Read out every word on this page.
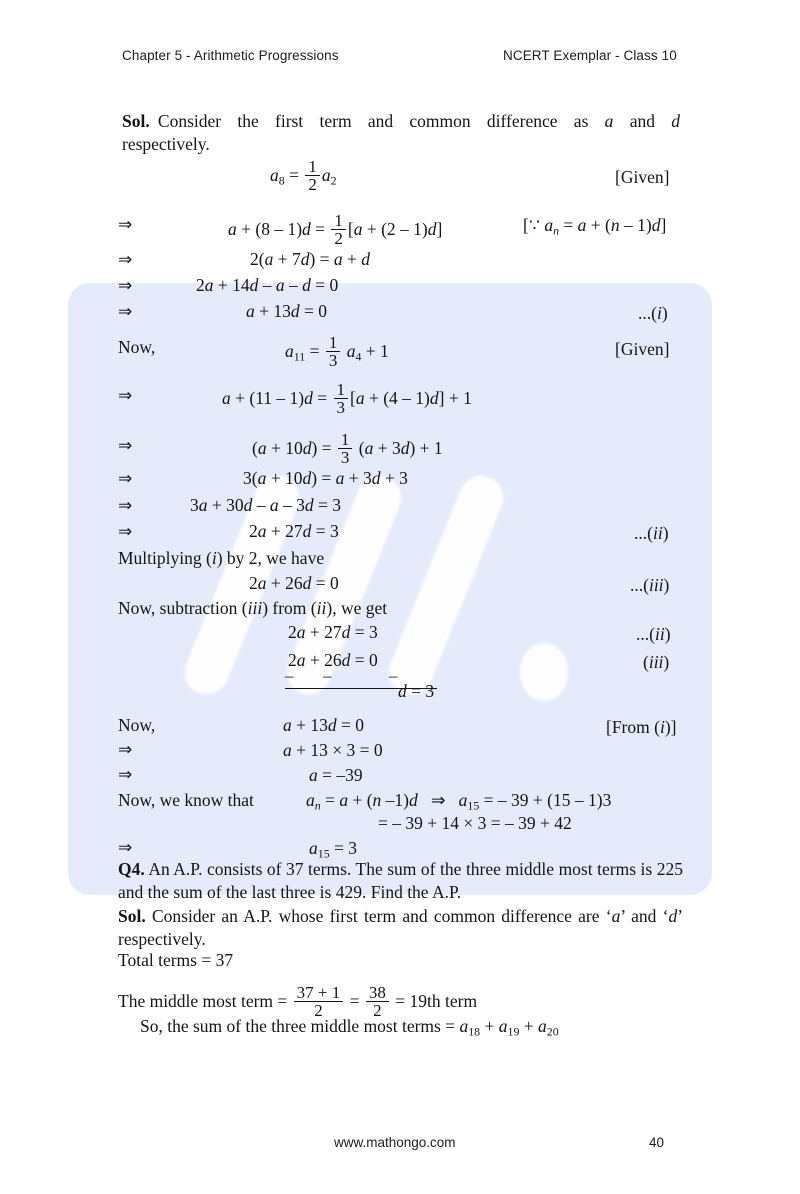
Chapter 5 - Arithmetic Progressions	NCERT Exemplar - Class 10
Sol. Consider  the  first  term  and  common  difference  as  a  and  d respectively.
$a_8 = \frac{1}{2} a_2$	[Given]
⇒	$a + (8 - 1)d = \frac{1}{2} [a + (2 - 1)d]$	[∵ $a_n = a + (n - 1)d$]
⇒	2(a + 7d) = a + d
⇒	2a + 14d – a – d = 0
⇒	a + 13d = 0	...(i)
Now,	$a_{11} = \frac{1}{3} a_4 + 1$	[Given]
⇒	$a + (11 - 1)d = \frac{1}{3} [a + (4 - 1)d] + 1$
⇒	$(a + 10d) = \frac{1}{3} (a + 3d) + 1$
⇒	3(a + 10d) = a + 3d + 3
⇒	3a + 30d – a – 3d = 3
⇒	2a + 27d = 3	...(ii)
Multiplying (i) by 2, we have
2a + 26d = 0	...(iii)
Now, subtraction (iii) from (ii), we get
2a + 27d = 3	...(ii)
2a + 26d = 0	(iii)
– –	–
d = 3
Now,	a + 13d = 0	[From (i)]
⇒	a + 13 × 3 = 0
⇒	a = –39
Now, we know that	$a_n = a + (n$ –1)d   ⇒   $a_{15}$ = – 39 + (15 – 1)3
= – 39 + 14 × 3 = – 39 + 42
⇒	$a_{15} = 3$
Q4. An A.P. consists of 37 terms. The sum of the three middle most terms is 225 and the sum of the last three is 429. Find the A.P.
Sol. Consider an A.P. whose first term and common difference are ‘a’ and ‘d’ respectively.
Total terms = 37
The middle most term = $\frac{37 + 1}{2} = \frac{38}{2} = 19th$ term
So, the sum of the three middle most terms = $a_{18} + a_{19} + a_{20}$
www.mathongo.com	40
